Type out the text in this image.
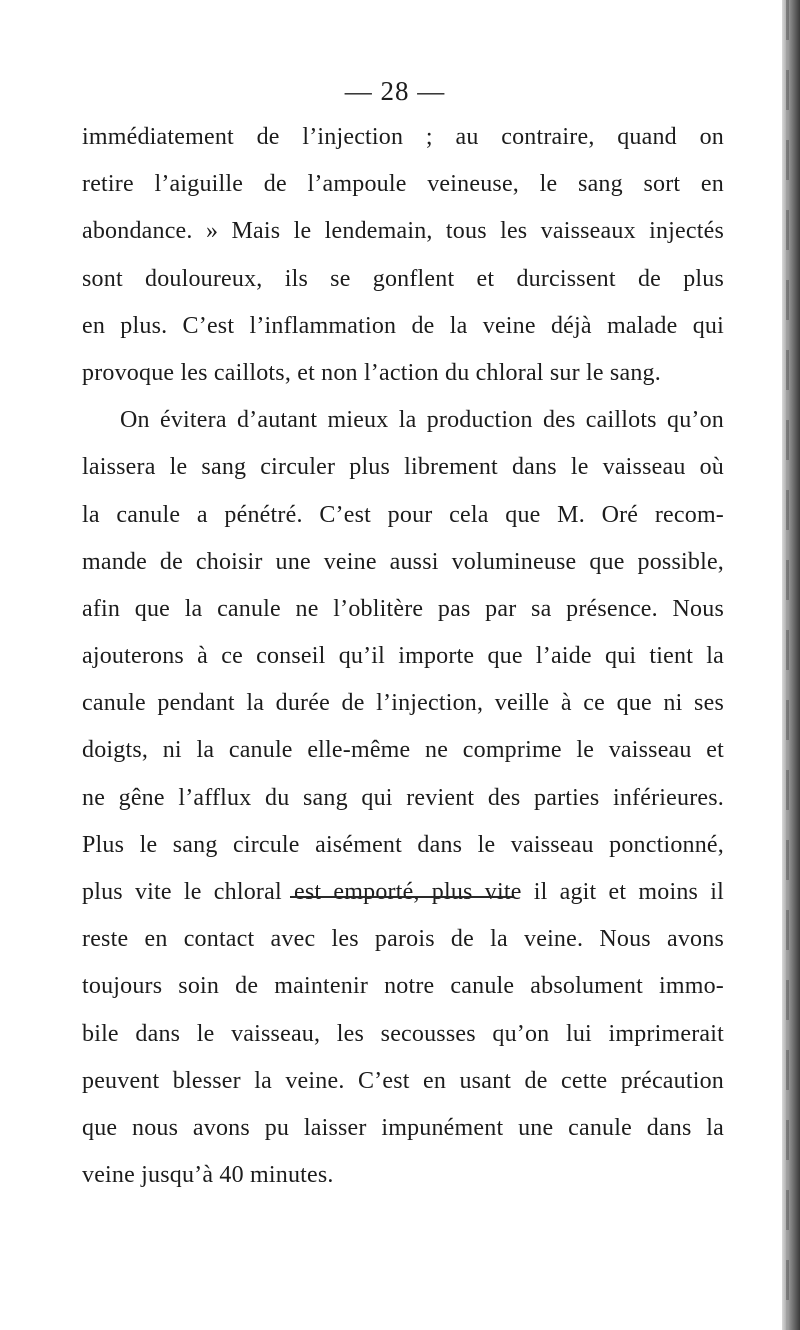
— 28 —
immédiatement de l’injection ; au contraire, quand on
retire l’aiguille de l’ampoule veineuse, le sang sort en
abondance. » Mais le lendemain, tous les vaisseaux injectés
sont douloureux, ils se gonflent et durcissent de plus
en plus. C’est l’inflammation de la veine déjà malade qui
provoque les caillots, et non l’action du chloral sur le sang.
On évitera d’autant mieux la production des caillots qu’on
laissera le sang circuler plus librement dans le vaisseau où
la canule a pénétré. C’est pour cela que M. Oré recom-
mande de choisir une veine aussi volumineuse que possible,
afin que la canule ne l’oblitère pas par sa présence. Nous
ajouterons à ce conseil qu’il importe que l’aide qui tient la
canule pendant la durée de l’injection, veille à ce que ni ses
doigts, ni la canule elle-même ne comprime le vaisseau et
ne gêne l’afflux du sang qui revient des parties inférieures.
Plus le sang circule aisément dans le vaisseau ponctionné,
plus vite le chloral est emporté, plus vite il agit et moins il
reste en contact avec les parois de la veine. Nous avons
toujours soin de maintenir notre canule absolument immo-
bile dans le vaisseau, les secousses qu’on lui imprimerait
peuvent blesser la veine. C’est en usant de cette précaution
que nous avons pu laisser impunément une canule dans la
veine jusqu’à 40 minutes.
